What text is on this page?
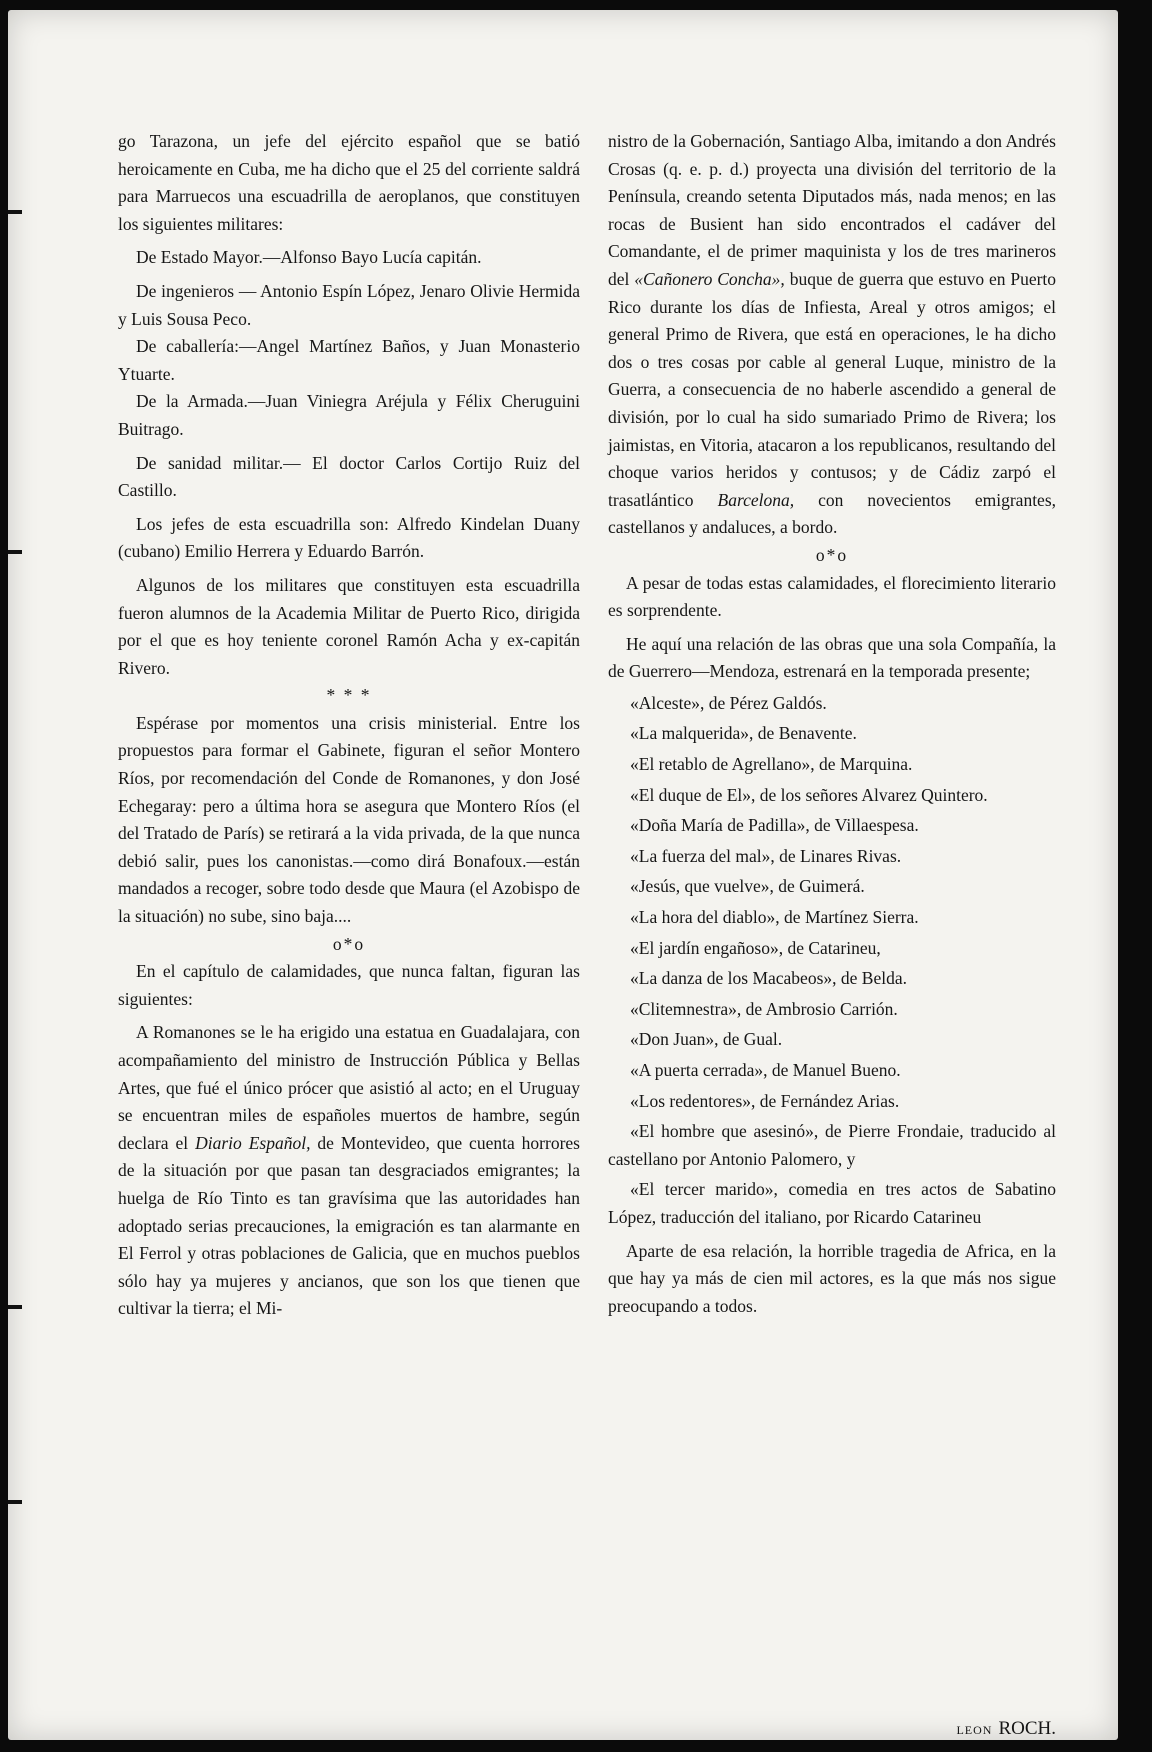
go Tarazona, un jefe del ejército español que se batió heroicamente en Cuba, me ha dicho que el 25 del corriente saldrá para Marruecos una escuadrilla de aeroplanos, que constituyen los siguientes militares:

De Estado Mayor.—Alfonso Bayo Lucía capitán.

De ingenieros — Antonio Espín López, Jenaro Olivie Hermida y Luis Sousa Peco.

De caballería:—Angel Martínez Baños, y Juan Monasterio Ytuarte.

De la Armada.—Juan Viniegra Aréjula y Félix Cheruguini Buitrago.

De sanidad militar.— El doctor Carlos Cortijo Ruiz del Castillo.

Los jefes de esta escuadrilla son: Alfredo Kindelan Duany (cubano) Emilio Herrera y Eduardo Barrón.

Algunos de los militares que constituyen esta escuadrilla fueron alumnos de la Academia Militar de Puerto Rico, dirigida por el que es hoy teniente coronel Ramón Acha y ex-capitán Rivero.

* * *

Espérase por momentos una crisis ministerial. Entre los propuestos para formar el Gabinete, figuran el señor Montero Ríos, por recomendación del Conde de Romanones, y don José Echegaray: pero a última hora se asegura que Montero Ríos (el del Tratado de París) se retirará a la vida privada, de la que nunca debió salir, pues los canonistas.—como dirá Bonafoux.—están mandados a recoger, sobre todo desde que Maura (el Azobispo de la situación) no sube, sino baja....

o*o

En el capítulo de calamidades, que nunca faltan, figuran las siguientes:

A Romanones se le ha erigido una estatua en Guadalajara, con acompañamiento del ministro de Instrucción Pública y Bellas Artes, que fué el único prócer que asistió al acto; en el Uruguay se encuentran miles de españoles muertos de hambre, según declara el Diario Español, de Montevideo, que cuenta horrores de la situación por que pasan tan desgraciados emigrantes; la huelga de Río Tinto es tan gravísima que las autoridades han adoptado serias precauciones, la emigración es tan alarmante en El Ferrol y otras poblaciones de Galicia, que en muchos pueblos sólo hay ya mujeres y ancianos, que son los que tienen que cultivar la tierra; el Mi-

nistro de la Gobernación, Santiago Alba, imitando a don Andrés Crosas (q. e. p. d.) proyecta una división del territorio de la Península, creando setenta Diputados más, nada menos; en las rocas de Busient han sido encontrados el cadáver del Comandante, el de primer maquinista y los de tres marineros del «Cañonero Concha», buque de guerra que estuvo en Puerto Rico durante los días de Infiesta, Areal y otros amigos; el general Primo de Rivera, que está en operaciones, le ha dicho dos o tres cosas por cable al general Luque, ministro de la Guerra, a consecuencia de no haberle ascendido a general de división, por lo cual ha sido sumariado Primo de Rivera; los jaimistas, en Vitoria, atacaron a los republicanos, resultando del choque varios heridos y contusos; y de Cádiz zarpó el trasatlántico Barcelona, con novecientos emigrantes, castellanos y andaluces, a bordo.

o*o

A pesar de todas estas calamidades, el florecimiento literario es sorprendente.

He aquí una relación de las obras que una sola Compañía, la de Guerrero—Mendoza, estrenará en la temporada presente;

«Alceste», de Pérez Galdós.

«La malquerida», de Benavente.

«El retablo de Agrellano», de Marquina.

«El duque de El», de los señores Alvarez Quintero.

«Doña María de Padilla», de Villaespesa.

«La fuerza del mal», de Linares Rivas.

«Jesús, que vuelve», de Guimerá.

«La hora del diablo», de Martínez Sierra.

«El jardín engañoso», de Catarineu,

«La danza de los Macabeos», de Belda.

«Clitemnestra», de Ambrosio Carrión.

«Don Juan», de Gual.

«A puerta cerrada», de Manuel Bueno.

«Los redentores», de Fernández Arias.

«El hombre que asesinó», de Pierre Frondaie, traducido al castellano por Antonio Palomero, y

«El tercer marido», comedia en tres actos de Sabatino López, traducción del italiano, por Ricardo Catarineu

Aparte de esa relación, la horrible tragedia de Africa, en la que hay ya más de cien mil actores, es la que más nos sigue preocupando a todos.

LEON ROCH.
